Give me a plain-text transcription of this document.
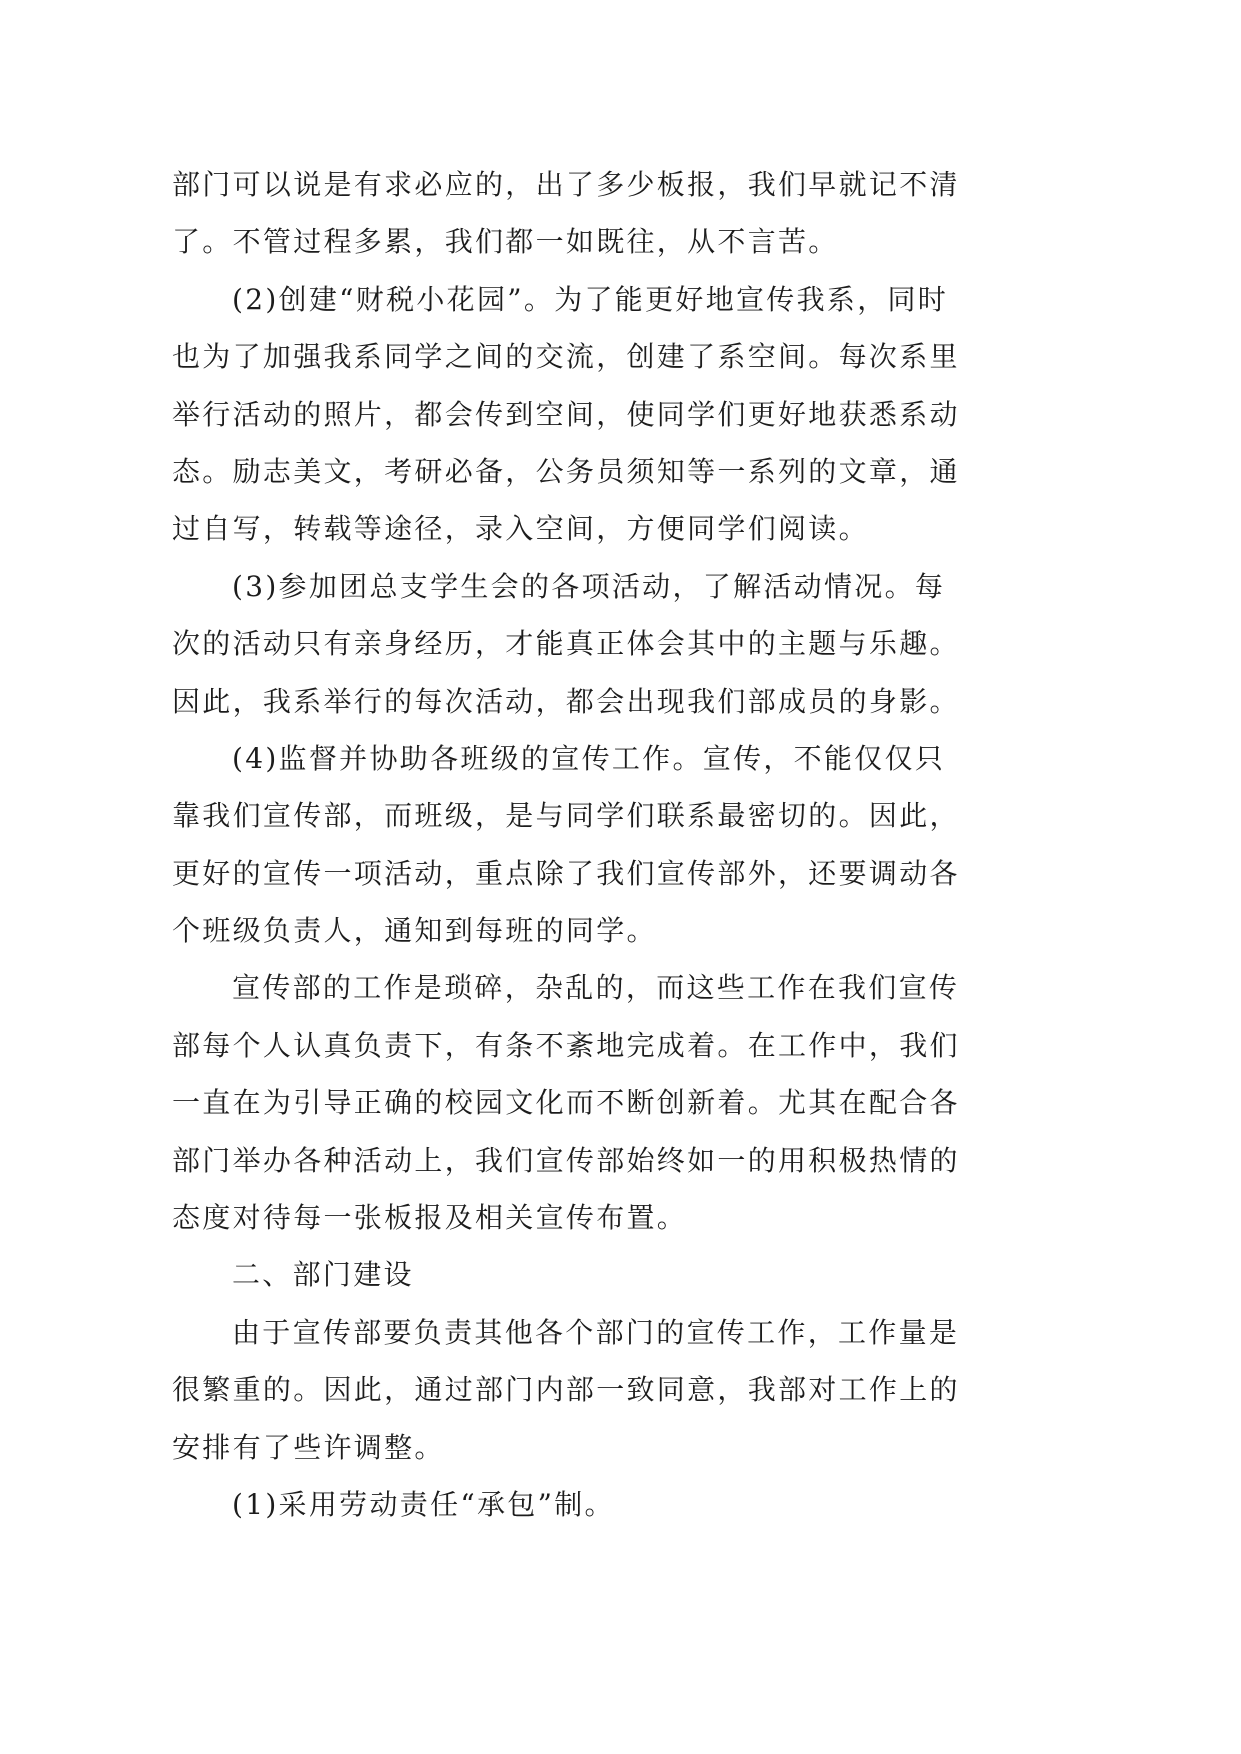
部门可以说是有求必应的，出了多少板报，我们早就记不清
了。不管过程多累，我们都一如既往，从不言苦。
(2)创建“财税小花园”。为了能更好地宣传我系，同时
也为了加强我系同学之间的交流，创建了系空间。每次系里
举行活动的照片，都会传到空间，使同学们更好地获悉系动
态。励志美文，考研必备，公务员须知等一系列的文章，通
过自写，转载等途径，录入空间，方便同学们阅读。
(3)参加团总支学生会的各项活动，了解活动情况。每
次的活动只有亲身经历，才能真正体会其中的主题与乐趣。
因此，我系举行的每次活动，都会出现我们部成员的身影。
(4)监督并协助各班级的宣传工作。宣传，不能仅仅只
靠我们宣传部，而班级，是与同学们联系最密切的。因此，
更好的宣传一项活动，重点除了我们宣传部外，还要调动各
个班级负责人，通知到每班的同学。
宣传部的工作是琐碎，杂乱的，而这些工作在我们宣传
部每个人认真负责下，有条不紊地完成着。在工作中，我们
一直在为引导正确的校园文化而不断创新着。尤其在配合各
部门举办各种活动上，我们宣传部始终如一的用积极热情的
态度对待每一张板报及相关宣传布置。
二、部门建设
由于宣传部要负责其他各个部门的宣传工作，工作量是
很繁重的。因此，通过部门内部一致同意，我部对工作上的
安排有了些许调整。
(1)采用劳动责任“承包”制。
